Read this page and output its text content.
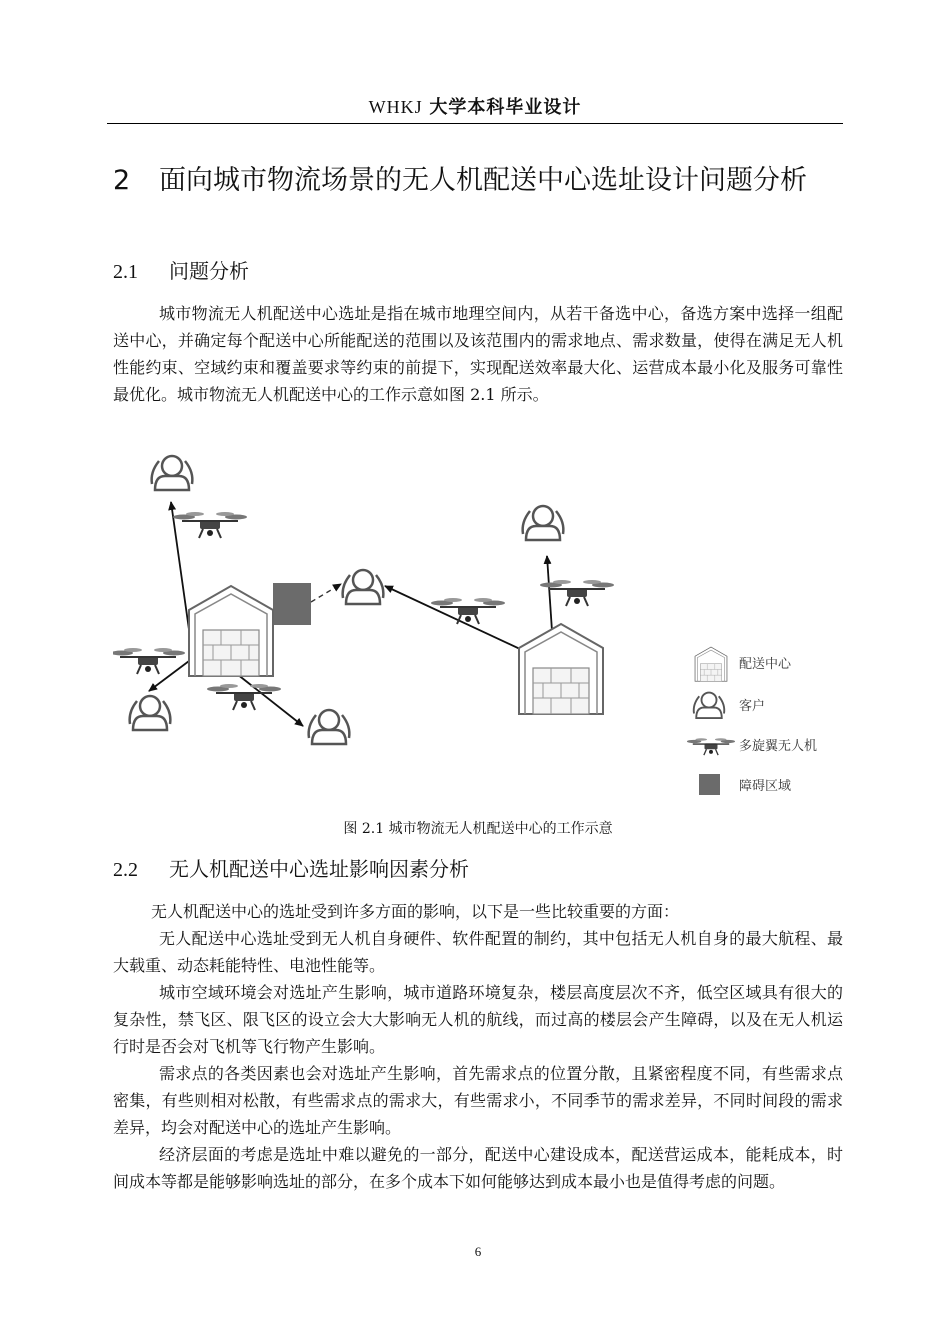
WHKJ 大学本科毕业设计
2 面向城市物流场景的无人机配送中心选址设计问题分析
2.1 问题分析

城市物流无人机配送中心选址是指在城市地理空间内，从若干备选中心，备选方案中选择一组配送中心，并确定每个配送中心所能配送的范围以及该范围内的需求地点、需求数量，使得在满足无人机性能约束、空域约束和覆盖要求等约束的前提下，实现配送效率最大化、运营成本最小化及服务可靠性最优化。城市物流无人机配送中心的工作示意如图 2.1 所示。

配送中心
客户
多旋翼无人机
障碍区域
图 2.1 城市物流无人机配送中心的工作示意
2.2 无人机配送中心选址影响因素分析

无人机配送中心的选址受到许多方面的影响，以下是一些比较重要的方面：

无人配送中心选址受到无人机自身硬件、软件配置的制约，其中包括无人机自身的最大航程、最大载重、动态耗能特性、电池性能等。

城市空域环境会对选址产生影响，城市道路环境复杂，楼层高度层次不齐，低空区域具有很大的复杂性，禁飞区、限飞区的设立会大大影响无人机的航线，而过高的楼层会产生障碍，以及在无人机运行时是否会对飞机等飞行物产生影响。

需求点的各类因素也会对选址产生影响，首先需求点的位置分散，且紧密程度不同，有些需求点密集，有些则相对松散，有些需求点的需求大，有些需求小，不同季节的需求差异，不同时间段的需求差异，均会对配送中心的选址产生影响。

经济层面的考虑是选址中难以避免的一部分，配送中心建设成本，配送营运成本，能耗成本，时间成本等都是能够影响选址的部分，在多个成本下如何能够达到成本最小也是值得考虑的问题。

6
